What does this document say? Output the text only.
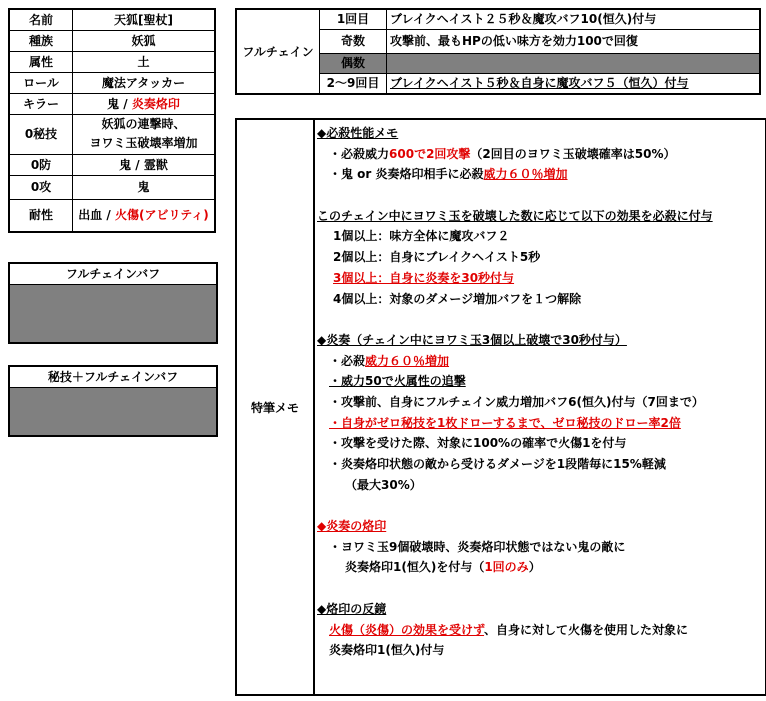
名前	天狐[聖杖]
種族	妖狐
属性	土
ロール	魔法アタッカー
キラー	鬼 / 炎奏烙印
0秘技	妖狐の連撃時、
ヨワミ玉破壊率増加

0防	鬼 / 霊獣
0攻	鬼
耐性	出血 / 火傷(アビリティ)
フルチェインバフ
秘技＋フルチェインバフ
フルチェイン	1回目	ブレイクヘイスト２５秒＆魔攻バフ10(恒久)付与
	奇数	攻撃前、最もHPの低い味方を効力100で回復
	偶数	
	2～9回目	ブレイクヘイスト５秒＆自身に魔攻バフ５（恒久）付与
特筆メモ
◆必殺性能メモ
・必殺威力600で2回攻撃（2回目のヨワミ玉破壊確率は50%）
・鬼 or 炎奏烙印相手に必殺威力６０％増加
このチェイン中にヨワミ玉を破壊した数に応じて以下の効果を必殺に付与
1個以上：味方全体に魔攻バフ２
2個以上：自身にブレイクヘイスト5秒
3個以上：自身に炎奏を30秒付与
4個以上：対象のダメージ増加バフを１つ解除
◆炎奏（チェイン中にヨワミ玉3個以上破壊で30秒付与）
・必殺威力６０％増加
・威力50で火属性の追撃
・攻撃前、自身にフルチェイン威力増加バフ6(恒久)付与（7回まで）
・自身がゼロ秘技を1枚ドローするまで、ゼロ秘技のドロー率2倍
・攻撃を受けた際、対象に100%の確率で火傷1を付与
・炎奏烙印状態の敵から受けるダメージを1段階毎に15%軽減
（最大30%）
◆炎奏の烙印
・ヨワミ玉9個破壊時、炎奏烙印状態ではない鬼の敵に
炎奏烙印1(恒久)を付与（1回のみ）
◆烙印の反鏡
火傷（炎傷）の効果を受けず、自身に対して火傷を使用した対象に
炎奏烙印1(恒久)付与
